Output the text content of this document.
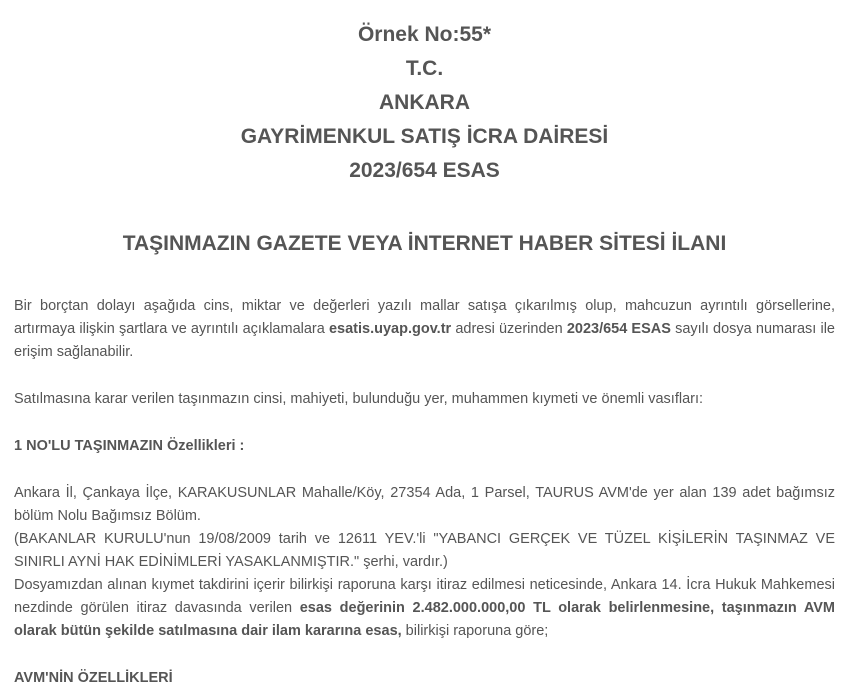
Örnek No:55*

T.C.

ANKARA

GAYRİMENKUL SATIŞ İCRA DAİRESİ

2023/654 ESAS

TAŞINMAZIN GAZETE VEYA İNTERNET HABER SİTESİ İLANI

Bir borçtan dolayı aşağıda cins, miktar ve değerleri yazılı mallar satışa çıkarılmış olup, mahcuzun ayrıntılı görsellerine, artırmaya ilişkin şartlara ve ayrıntılı açıklamalara esatis.uyap.gov.tr adresi üzerinden 2023/654 ESAS sayılı dosya numarası ile erişim sağlanabilir.

Satılmasına karar verilen taşınmazın cinsi, mahiyeti, bulunduğu yer, muhammen kıymeti ve önemli vasıfları:

1 NO'LU TAŞINMAZIN Özellikleri :

Ankara İl, Çankaya İlçe, KARAKUSUNLAR Mahalle/Köy, 27354 Ada, 1 Parsel, TAURUS AVM'de yer alan 139 adet bağımsız bölüm Nolu Bağımsız Bölüm.
(BAKANLAR KURULU'nun 19/08/2009 tarih ve 12611 YEV.'li "YABANCI GERÇEK VE TÜZEL KİŞİLERİN TAŞINMAZ VE SINIRLI AYNİ HAK EDİNİMLERİ YASAKLANMIŞTIR." şerhi, vardır.)
Dosyamızdan alınan kıymet takdirini içerir bilirkişi raporuna karşı itiraz edilmesi neticesinde, Ankara 14. İcra Hukuk Mahkemesi nezdinde görülen itiraz davasında verilen esas değerinin 2.482.000.000,00 TL olarak belirlenmesine, taşınmazın AVM olarak bütün şekilde satılmasına dair ilam kararına esas, bilirkişi raporuna göre;

AVM'NİN ÖZELLİKLERİ
